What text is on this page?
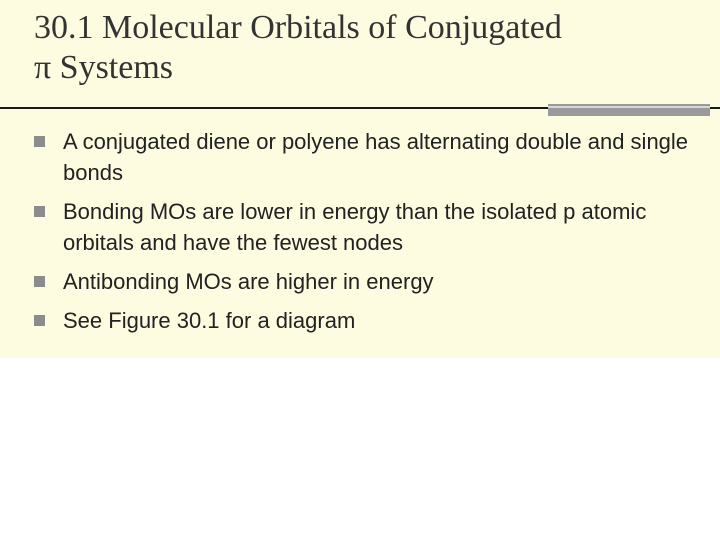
30.1 Molecular Orbitals of Conjugated
π Systems
A conjugated diene or polyene has alternating double and single bonds
Bonding MOs are lower in energy than the isolated p atomic orbitals and have the fewest nodes
Antibonding MOs are higher in energy
See Figure 30.1 for a diagram
